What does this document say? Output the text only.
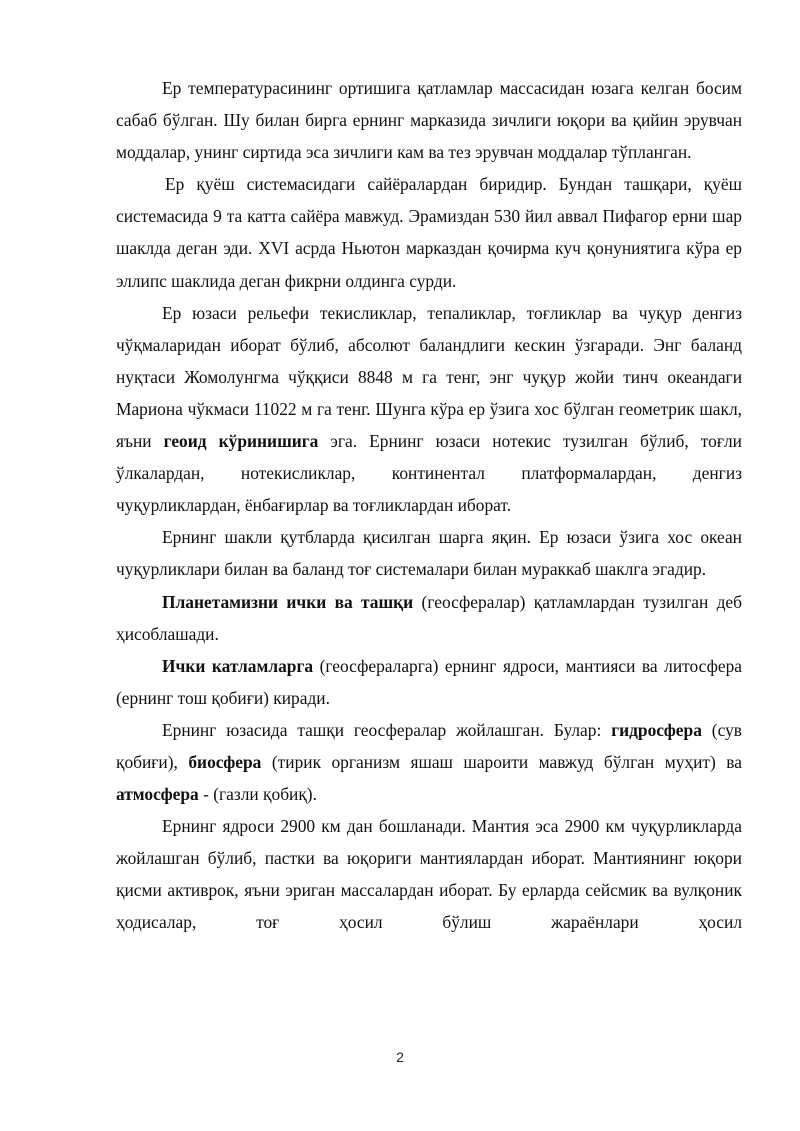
Ер температурасининг ортишига қатламлар массасидан юзага келган босим сабаб бўлган. Шу билан бирга ернинг марказида зичлиги юқори ва қийин эрувчан моддалар, унинг сиртида эса зичлиги кам ва тез эрувчан моддалар тўпланган.

Ер қуёш системасидаги сайёралардан биридир. Бундан ташқари, қуёш системасида 9 та катта сайёра мавжуд. Эрамиздан 530 йил аввал Пифагор ерни шар шаклда деган эди. XVI асрда Ньютон марказдан қочирма куч қонуниятига кўра ер эллипс шаклида деган фикрни олдинга сурди.

Ер юзаси рельефи текисликлар, тепаликлар, тоғликлар ва чуқур денгиз чўқмаларидан иборат бўлиб, абсолют баландлиги кескин ўзгаради. Энг баланд нуқтаси Жомолунгма чўққиси 8848 м га тенг, энг чуқур жойи тинч океандаги Мариона чўкмаси 11022 м га тенг. Шунга кўра ер ўзига хос бўлган геометрик шакл, яъни геоид кўринишига эга. Ернинг юзаси нотекис тузилган бўлиб, тоғли ўлкалардан, нотекисликлар, континентал платформалардан, денгиз чуқурликлардан, ёнбағирлар ва тоғликлардан иборат.

Ернинг шакли қутбларда қисилган шарга яқин. Ер юзаси ўзига хос океан чуқурликлари билан ва баланд тоғ системалари билан мураккаб шаклга эгадир.

Планетамизни ички ва ташқи (геосфералар) қатламлардан тузилган деб ҳисоблашади.

Ички катламларга (геосфераларга) ернинг ядроси, мантияси ва литосфера (ернинг тош қобиғи) киради.

Ернинг юзасида ташқи геосфералар жойлашган. Булар: гидросфера (сув қобиғи), биосфера (тирик организм яшаш шароити мавжуд бўлган муҳит) ва атмосфера - (газли қобиқ).

Ернинг ядроси 2900 км дан бошланади. Мантия эса 2900 км чуқурликларда жойлашган бўлиб, пастки ва юқориги мантиялардан иборат. Мантиянинг юқори қисми активрок, яъни эриган массалардан иборат. Бу ерларда сейсмик ва вулқоник ҳодисалар, тоғ ҳосил бўлиш жараёнлари ҳосил

2
